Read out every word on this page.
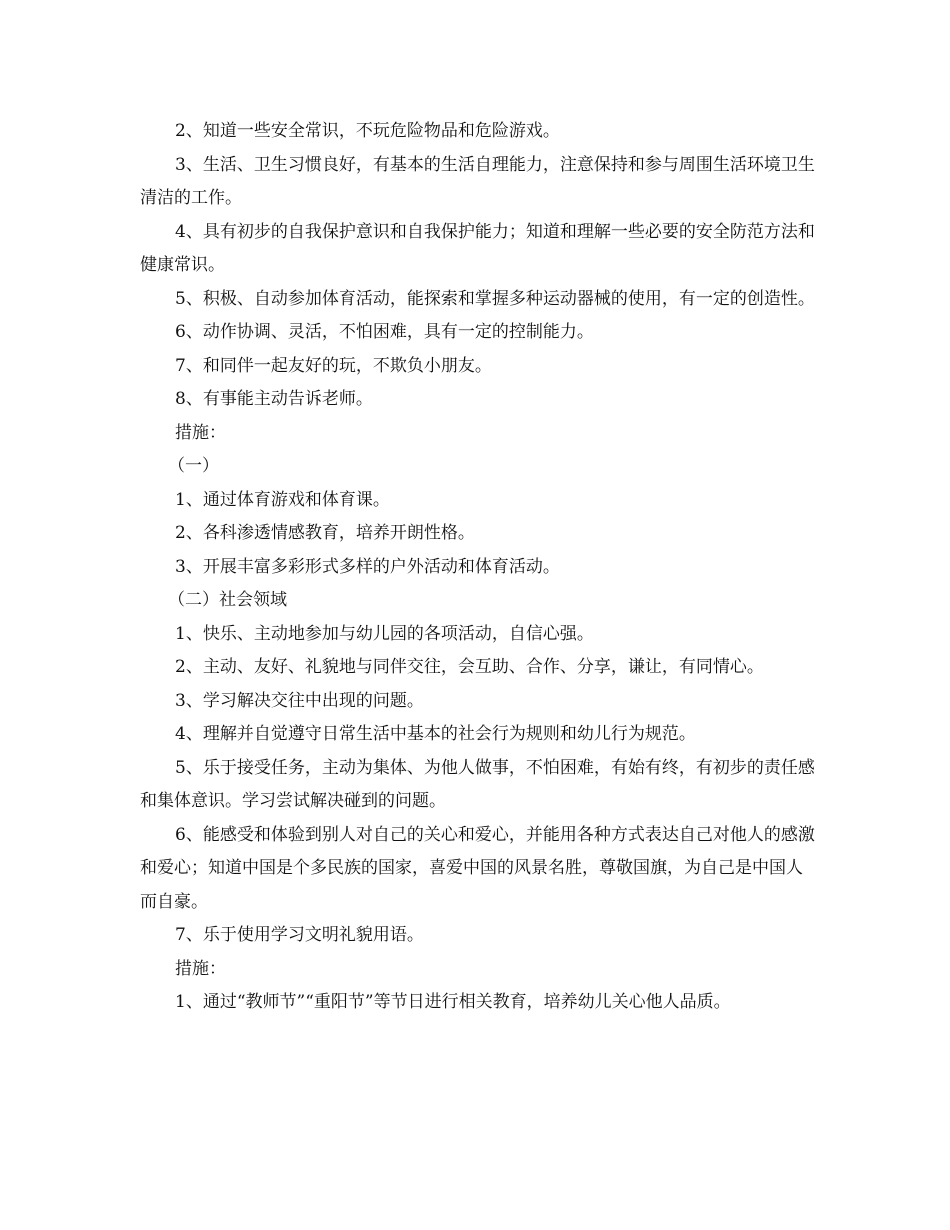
2、知道一些安全常识，不玩危险物品和危险游戏。

3、生活、卫生习惯良好，有基本的生活自理能力，注意保持和参与周围生活环境卫生清洁的工作。

4、具有初步的自我保护意识和自我保护能力；知道和理解一些必要的安全防范方法和健康常识。

5、积极、自动参加体育活动，能探索和掌握多种运动器械的使用，有一定的创造性。

6、动作协调、灵活，不怕困难，具有一定的控制能力。

7、和同伴一起友好的玩，不欺负小朋友。

8、有事能主动告诉老师。

措施：

（一）

1、通过体育游戏和体育课。

2、各科渗透情感教育，培养开朗性格。

3、开展丰富多彩形式多样的户外活动和体育活动。

（二）社会领域

1、快乐、主动地参加与幼儿园的各项活动，自信心强。

2、主动、友好、礼貌地与同伴交往，会互助、合作、分享，谦让，有同情心。

3、学习解决交往中出现的问题。

4、理解并自觉遵守日常生活中基本的社会行为规则和幼儿行为规范。

5、乐于接受任务，主动为集体、为他人做事，不怕困难，有始有终，有初步的责任感和集体意识。学习尝试解决碰到的问题。

6、能感受和体验到别人对自己的关心和爱心，并能用各种方式表达自己对他人的感激和爱心；知道中国是个多民族的国家，喜爱中国的风景名胜，尊敬国旗，为自己是中国人而自豪。

7、乐于使用学习文明礼貌用语。

措施：

1、通过“教师节”“重阳节”等节日进行相关教育，培养幼儿关心他人品质。
